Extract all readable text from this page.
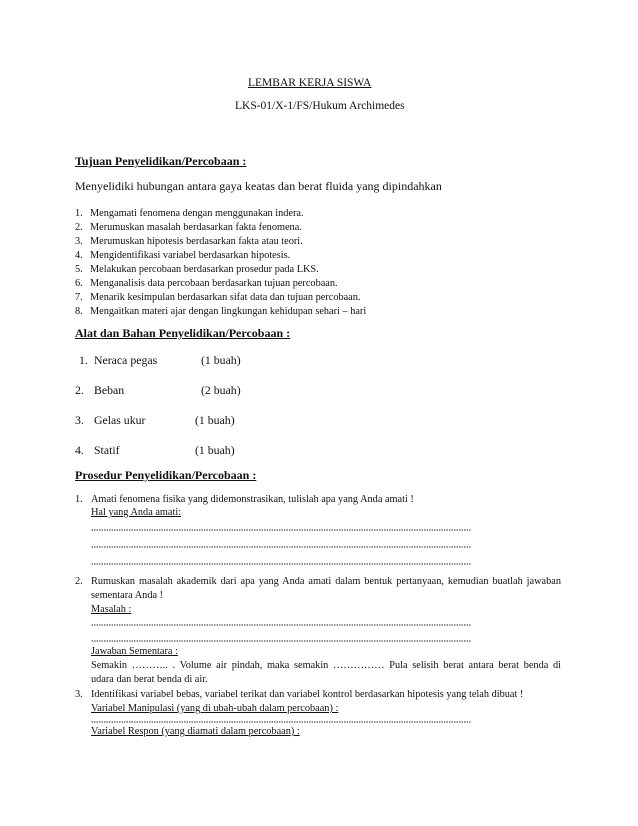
LEMBAR KERJA SISWA
LKS-01/X-1/FS/Hukum Archimedes
Tujuan Penyelidikan/Percobaan :
Menyelidiki hubungan antara gaya keatas dan berat fluida yang dipindahkan
1. Mengamati fenomena dengan menggunakan indera.
2. Merumuskan masalah berdasarkan fakta fenomena.
3. Merumuskan hipotesis berdasarkan fakta atau teori.
4. Mengidentifikasi variabel berdasarkan hipotesis.
5. Melakukan percobaan berdasarkan prosedur pada LKS.
6. Menganalisis data percobaan berdasarkan tujuan percobaan.
7. Menarik kesimpulan berdasarkan sifat data dan tujuan percobaan.
8. Mengaitkan materi ajar dengan lingkungan kehidupan sehari – hari
Alat dan Bahan Penyelidikan/Percobaan :
1. Neraca pegas	(1 buah)
2. Beban	(2 buah)
3. Gelas ukur	(1 buah)
4. Statif	(1 buah)
Prosedur Penyelidikan/Percobaan :
1. Amati fenomena fisika yang didemonstrasikan, tulislah apa yang Anda amati !
Hal yang Anda amati:
2. Rumuskan masalah akademik dari apa yang Anda amati dalam bentuk pertanyaan, kemudian buatlah jawaban
sementara Anda !
Masalah :
Jawaban Sementara :
Semakin ……….. . Volume air pindah, maka semakin …………… Pula selisih berat antara berat benda di
udara dan berat benda di air.
3. Identifikasi variabel bebas, variabel terikat dan variabel kontrol berdasarkan hipotesis yang telah dibuat !
Variabel Manipulasi (yang di ubah-ubah dalam percobaan) :
Variabel Respon (yang diamati dalam percobaan) :
